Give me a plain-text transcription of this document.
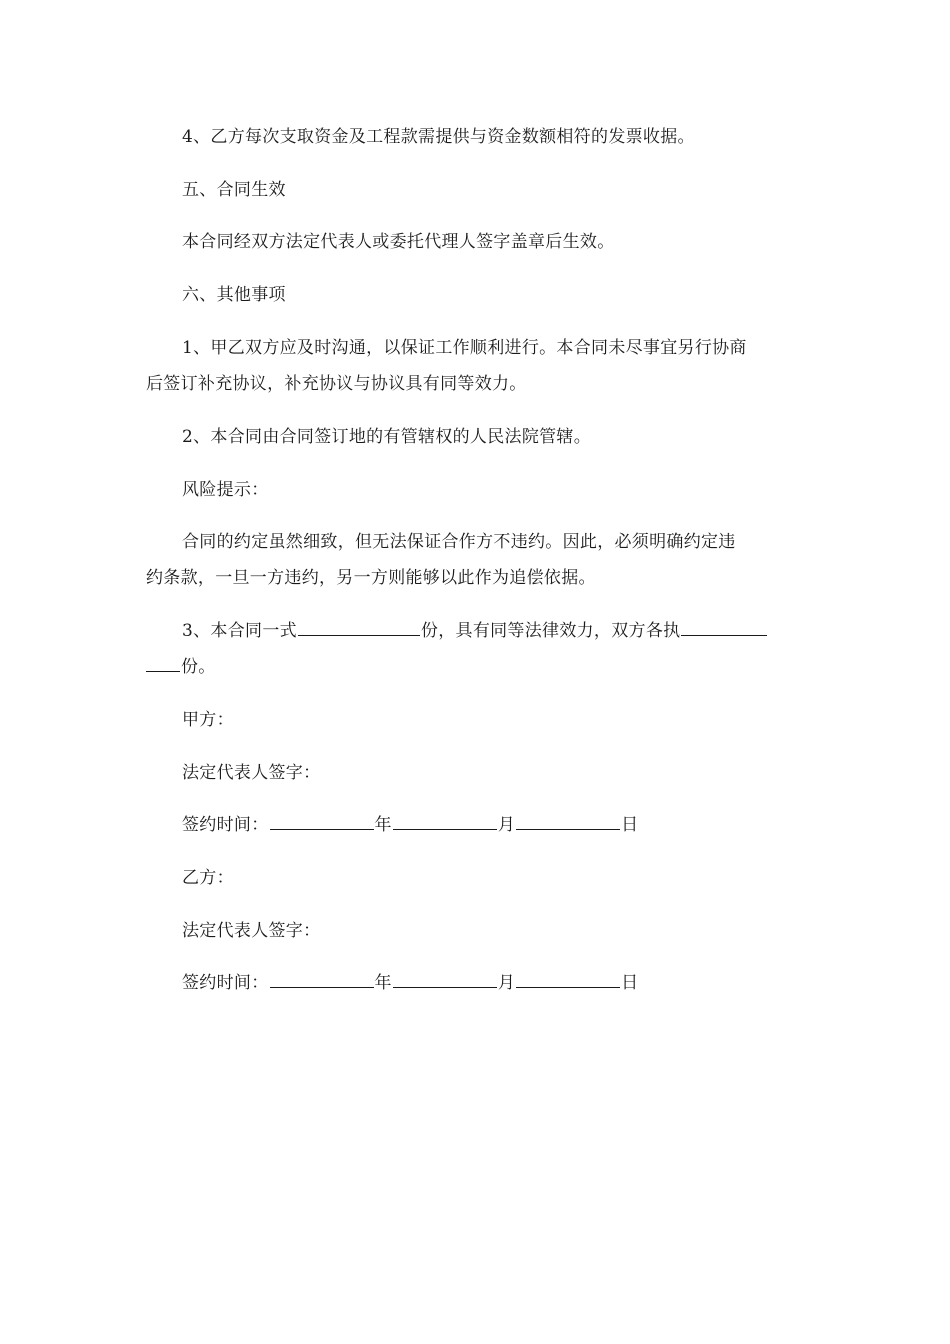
4、乙方每次支取资金及工程款需提供与资金数额相符的发票收据。
五、合同生效
本合同经双方法定代表人或委托代理人签字盖章后生效。
六、其他事项
1、甲乙双方应及时沟通，以保证工作顺利进行。本合同未尽事宜另行协商
后签订补充协议，补充协议与协议具有同等效力。
2、本合同由合同签订地的有管辖权的人民法院管辖。
风险提示：
合同的约定虽然细致，但无法保证合作方不违约。因此，必须明确约定违
约条款，一旦一方违约，另一方则能够以此作为追偿依据。
3、本合同一式	份，具有同等法律效力，双方各执
份。
甲方：
法定代表人签字：
签约时间：	年	月	日
乙方：
法定代表人签字：
签约时间：	年	月	日
